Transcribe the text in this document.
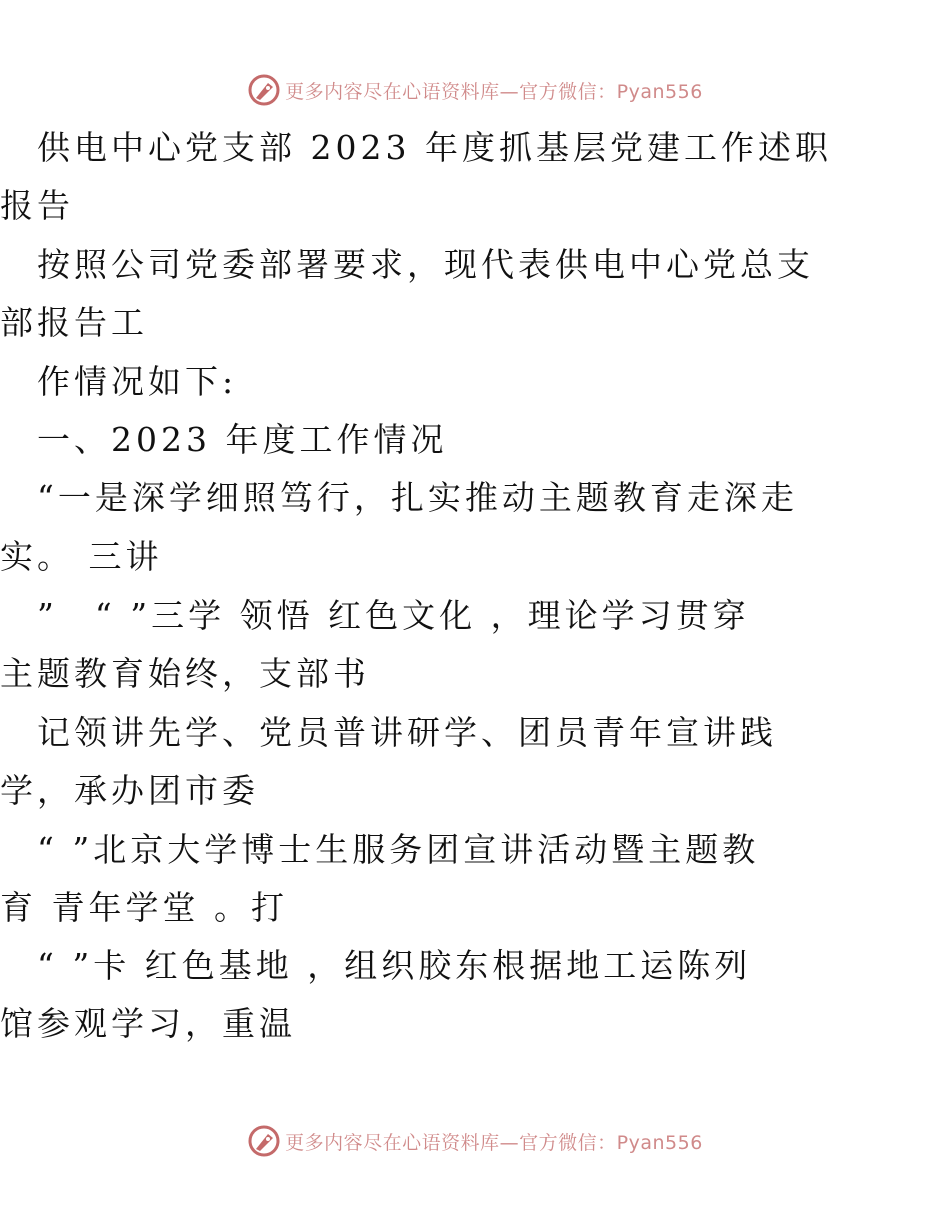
更多内容尽在心语资料库—官方微信：Pyan556
　供电中心党支部 2023 年度抓基层党建工作述职
报告
　按照公司党委部署要求，现代表供电中心党总支
部报告工
　作情况如下:
　一、2023 年度工作情况
　“一是深学细照笃行，扎实推动主题教育走深走
实。 三讲
　”　“ ”三学 领悟 红色文化 ，理论学习贯穿
主题教育始终，支部书
　记领讲先学、党员普讲研学、团员青年宣讲践
学，承办团市委
　“ ”北京大学博士生服务团宣讲活动暨主题教
育 青年学堂 。打
　“ ”卡 红色基地 ，组织胶东根据地工运陈列
馆参观学习，重温
更多内容尽在心语资料库—官方微信：Pyan556
